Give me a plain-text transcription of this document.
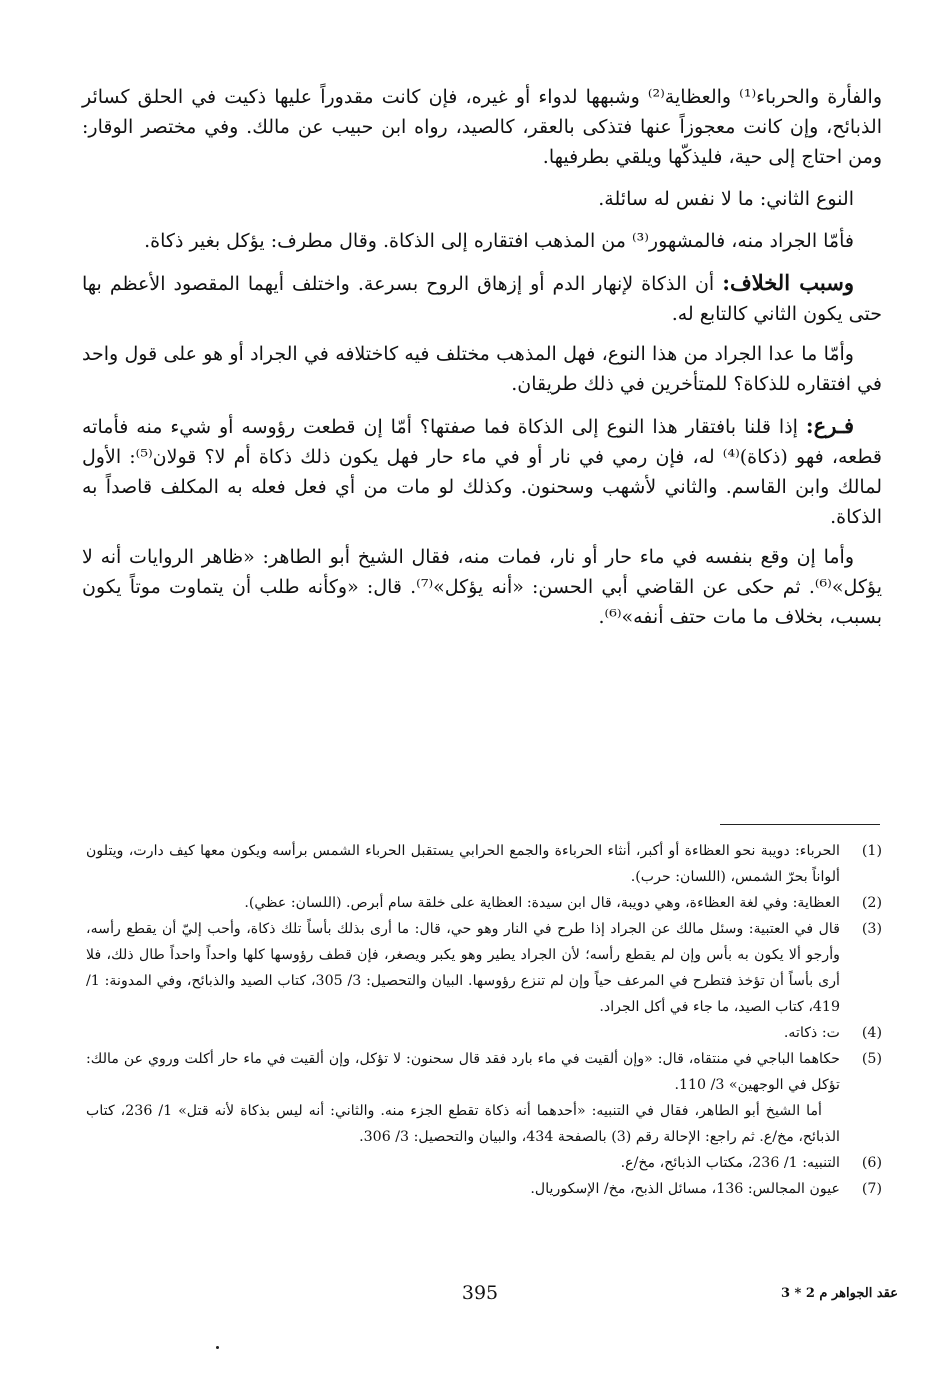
والفأرة والحرباء⁽¹⁾ والعظاية⁽²⁾ وشبهها لدواء أو غيره، فإن كانت مقدوراً عليها ذكيت في الحلق كسائر الذبائح، وإن كانت معجوزاً عنها فتذكى بالعقر، كالصيد، رواه ابن حبيب عن مالك. وفي مختصر الوقار: ومن احتاج إلى حية، فليذكّها ويلقي بطرفيها.

النوع الثاني: ما لا نفس له سائلة.

فأمّا الجراد منه، فالمشهور⁽³⁾ من المذهب افتقاره إلى الذكاة. وقال مطرف: يؤكل بغير ذكاة.

وسبب الخلاف: أن الذكاة لإنهار الدم أو إزهاق الروح بسرعة. واختلف أيهما المقصود الأعظم بها حتى يكون الثاني كالتابع له.

وأمّا ما عدا الجراد من هذا النوع، فهل المذهب مختلف فيه كاختلافه في الجراد أو هو على قول واحد في افتقاره للذكاة؟ للمتأخرين في ذلك طريقان.

فـرع: إذا قلنا بافتقار هذا النوع إلى الذكاة فما صفتها؟ أمّا إن قطعت رؤوسه أو شيء منه فأماته قطعه، فهو (ذكاة)⁽⁴⁾ له، فإن رمي في نار أو في ماء حار فهل يكون ذلك ذكاة أم لا؟ قولان⁽⁵⁾: الأول لمالك وابن القاسم. والثاني لأشهب وسحنون. وكذلك لو مات من أي فعل فعله به المكلف قاصداً به الذكاة.

وأما إن وقع بنفسه في ماء حار أو نار، فمات منه، فقال الشيخ أبو الطاهر: «ظاهر الروايات أنه لا يؤكل»⁽⁶⁾. ثم حكى عن القاضي أبي الحسن: «أنه يؤكل»⁽⁷⁾. قال: «وكأنه طلب أن يتماوت موتاً يكون بسبب، بخلاف ما مات حتف أنفه»⁽⁶⁾.

(1)
الحرباء: دويبة نحو العظاءة أو أكبر، أنثاء الحرباءة والجمع الحرابي يستقبل الحرباء الشمس برأسه ويكون معها كيف دارت، ويتلون ألواناً بحرّ الشمس، (اللسان: حرب).
(2)
العظاية: وفي لغة العظاءة، وهي دويبة، قال ابن سيدة: العظاية على خلقة سام أبرص. (اللسان: عظي).
(3)
قال في العتبية: وسئل مالك عن الجراد إذا طرح في النار وهو حي، قال: ما أرى بذلك بأساً تلك ذكاة، وأحب إليّ أن يقطع رأسه، وأرجو ألا يكون به بأس وإن لم يقطع رأسه؛ لأن الجراد يطير وهو يكبر ويصغر، فإن قطف رؤوسها كلها واحداً واحداً طال ذلك، فلا أرى بأساً أن تؤخذ فتطرح في المرعف حياً وإن لم تنزع رؤوسها. البيان والتحصيل: 3/ 305، كتاب الصيد والذبائح، وفي المدونة: 1/ 419، كتاب الصيد، ما جاء في أكل الجراد.
(4)
ت: ذكاته.
(5)
حكاهما الباجي في منتقاه، قال: «وإن ألقيت في ماء بارد فقد قال سحنون: لا تؤكل، وإن ألقيت في ماء حار أكلت وروي عن مالك: تؤكل في الوجهين» 3/ 110.
أما الشيخ أبو الطاهر، فقال في التنبيه: «أحدهما أنه ذكاة تقطع الجزء منه. والثاني: أنه ليس بذكاة لأنه قتل» 1/ 236، كتاب الذبائح، مخ/ع. ثم راجع: الإحالة رقم (3) بالصفحة 434، والبيان والتحصيل: 3/ 306.
(6)
التنبيه: 1/ 236، مكتاب الذبائح، مخ/ع.
(7)
عيون المجالس: 136، مسائل الذبح، مخ/ الإسكوريال.
395	عقد الجواهر م 2 * 3
